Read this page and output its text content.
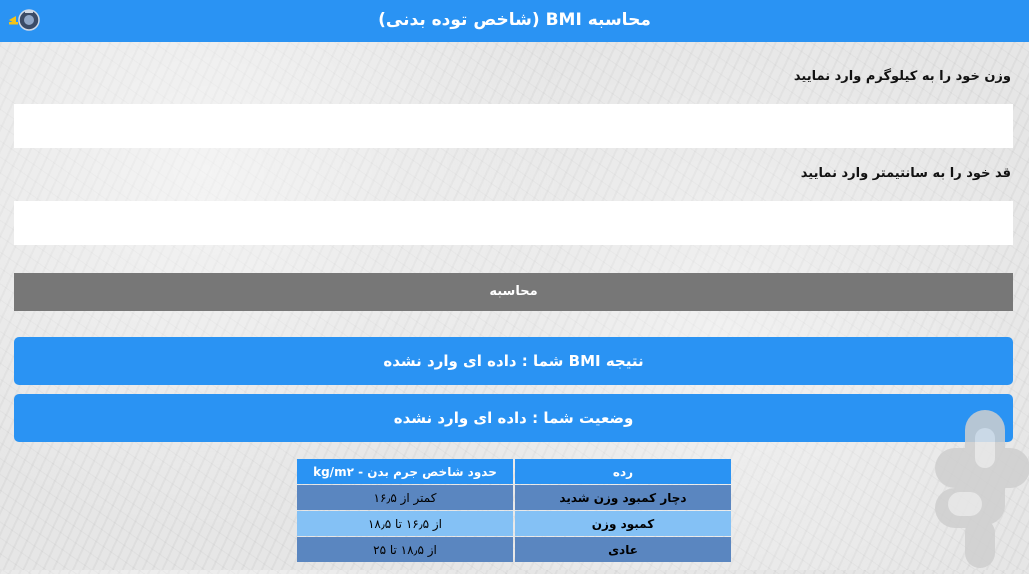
محاسبه BMI (شاخص توده بدنی)
وزن خود را به کیلوگرم وارد نمایید
قد خود را به سانتیمتر وارد نمایید
محاسبه
نتیجه BMI شما : داده ای وارد نشده
وضعیت شما : داده ای وارد نشده
رده	حدود شاخص جرم بدن - kg/m۲
دچار کمبود وزن شدید	کمتر از ۱۶٫۵
کمبود وزن	از ۱۶٫۵ تا ۱۸٫۵
عادی	از ۱۸٫۵ تا ۲۵
